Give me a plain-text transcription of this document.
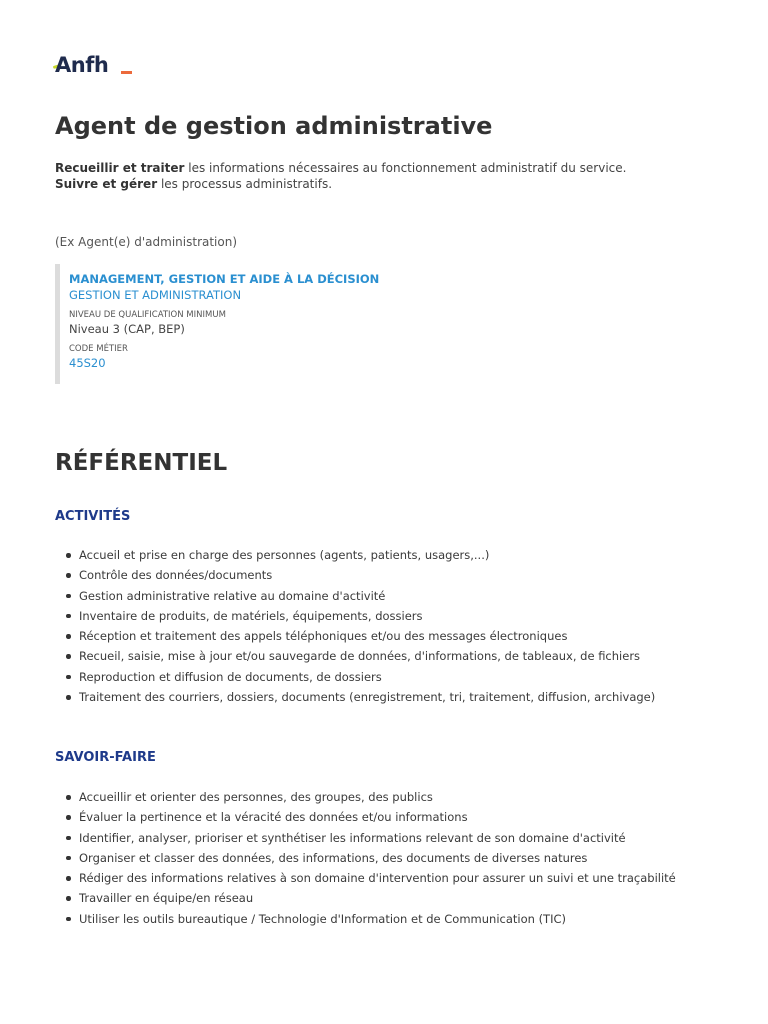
Anfh
Agent de gestion administrative
Recueillir et traiter les informations nécessaires au fonctionnement administratif du service.
Suivre et gérer les processus administratifs.
(Ex Agent(e) d'administration)
MANAGEMENT, GESTION ET AIDE À LA DÉCISION
GESTION ET ADMINISTRATION
NIVEAU DE QUALIFICATION MINIMUM
Niveau 3 (CAP, BEP)
CODE MÉTIER
45S20
RÉFÉRENTIEL
ACTIVITÉS
Accueil et prise en charge des personnes (agents, patients, usagers,...)
Contrôle des données/documents
Gestion administrative relative au domaine d'activité
Inventaire de produits, de matériels, équipements, dossiers
Réception et traitement des appels téléphoniques et/ou des messages électroniques
Recueil, saisie, mise à jour et/ou sauvegarde de données, d'informations, de tableaux, de fichiers
Reproduction et diffusion de documents, de dossiers
Traitement des courriers, dossiers, documents (enregistrement, tri, traitement, diffusion, archivage)
SAVOIR-FAIRE
Accueillir et orienter des personnes, des groupes, des publics
Évaluer la pertinence et la véracité des données et/ou informations
Identifier, analyser, prioriser et synthétiser les informations relevant de son domaine d'activité
Organiser et classer des données, des informations, des documents de diverses natures
Rédiger des informations relatives à son domaine d'intervention pour assurer un suivi et une traçabilité
Travailler en équipe/en réseau
Utiliser les outils bureautique / Technologie d'Information et de Communication (TIC)
